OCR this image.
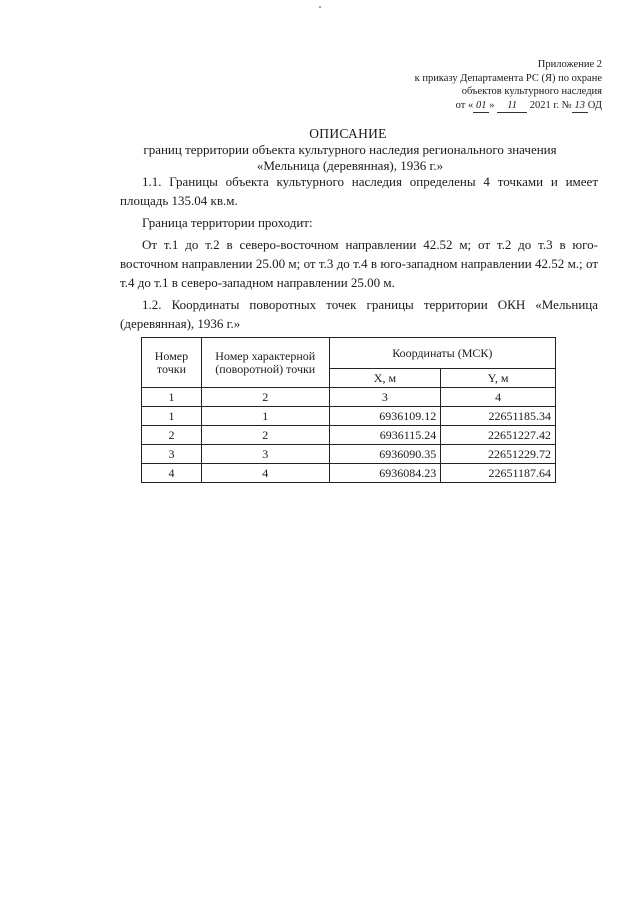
Приложение 2
к приказу Департамента РС (Я) по охране
объектов культурного наследия
от « 01 » 11 2021 г. № 13 ОД
ОПИСАНИЕ
границ территории объекта культурного наследия регионального значения
«Мельница (деревянная), 1936 г.»

1.1. Границы объекта культурного наследия определены 4 точками и имеет площадь 135.04 кв.м.

Граница территории проходит:

От т.1 до т.2 в северо-восточном направлении 42.52 м; от т.2 до т.3 в юго-восточном направлении 25.00 м; от т.3 до т.4 в юго-западном направлении 42.52 м.; от т.4 до т.1 в северо-западном направлении 25.00 м.

1.2. Координаты поворотных точек границы территории ОКН «Мельница (деревянная), 1936 г.»

Номер точки	Номер характерной (поворотной) точки	Координаты (МСК)	
		X, м	Y, м
1	2	3	4
1	1	6936109.12	22651185.34
2	2	6936115.24	22651227.42
3	3	6936090.35	22651229.72
4	4	6936084.23	22651187.64
